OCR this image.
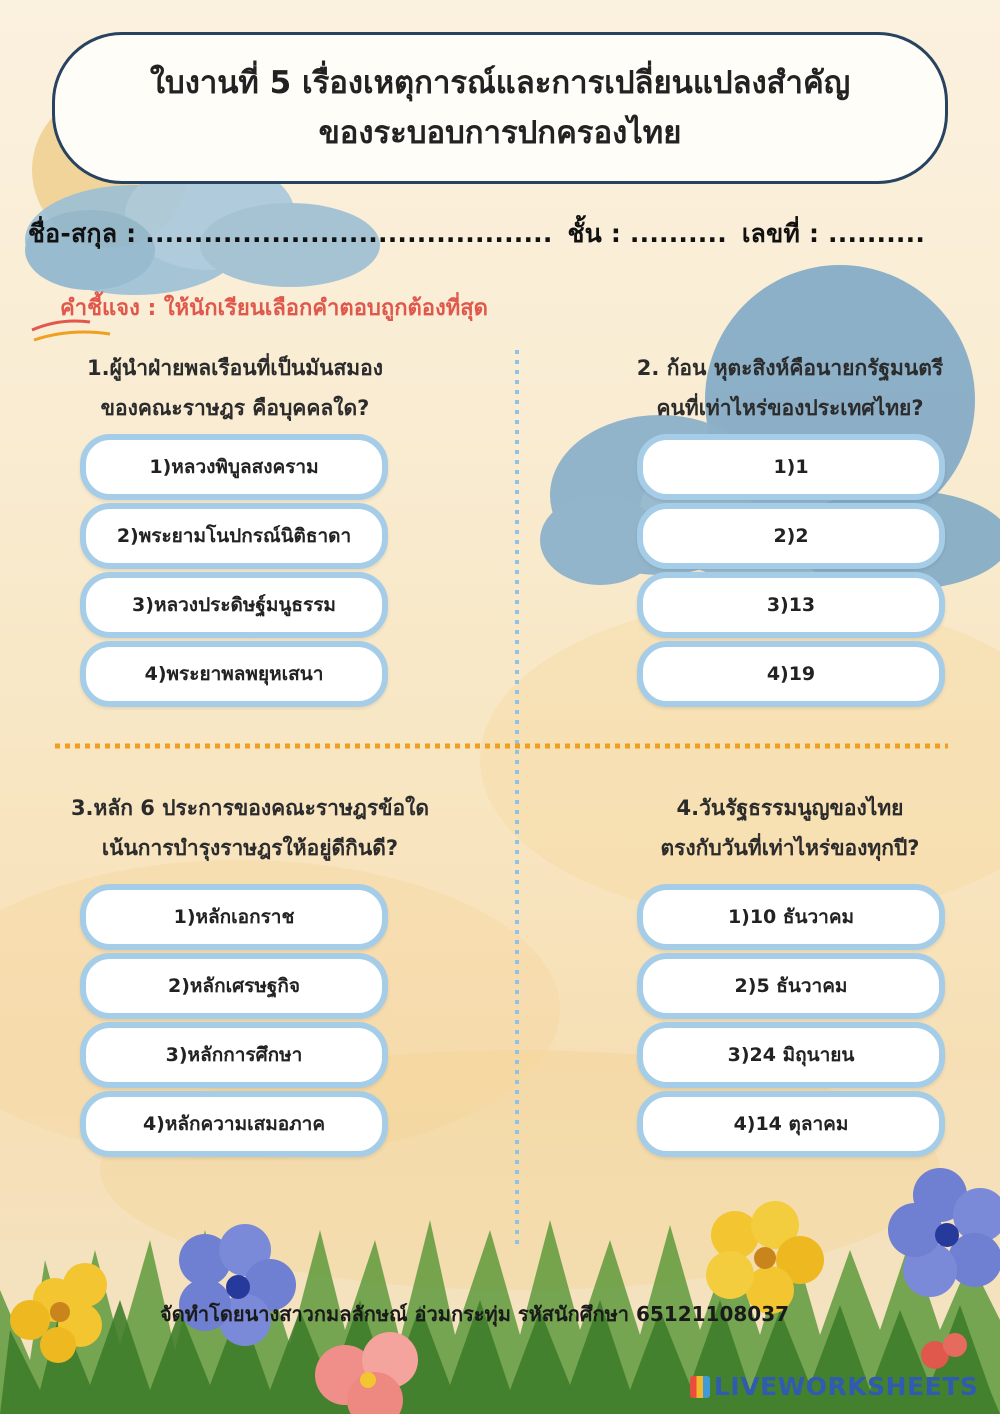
ใบงานที่ 5 เรื่องเหตุการณ์และการเปลี่ยนแปลงสำคัญ
ของระบอบการปกครองไทย
ชื่อ-สกุล : .......................................... ชั้น : .......... เลขที่ : ..........
คำชี้แจง : ให้นักเรียนเลือกคำตอบถูกต้องที่สุด
1.ผู้นำฝ่ายพลเรือนที่เป็นมันสมอง
ของคณะราษฎร คือบุคคลใด?
1)หลวงพิบูลสงคราม
2)พระยามโนปกรณ์นิติธาดา
3)หลวงประดิษฐ์มนูธรรม
4)พระยาพลพยุหเสนา
2. ก้อน หุตะสิงห์คือนายกรัฐมนตรี
คนที่เท่าไหร่ของประเทศไทย?
1)1
2)2
3)13
4)19
3.หลัก 6 ประการของคณะราษฎรข้อใด
เน้นการบำรุงราษฎรให้อยู่ดีกินดี?
1)หลักเอกราช
2)หลักเศรษฐกิจ
3)หลักการศึกษา
4)หลักความเสมอภาค
4.วันรัฐธรรมนูญของไทย
ตรงกับวันที่เท่าไหร่ของทุกปี?
1)10 ธันวาคม
2)5 ธันวาคม
3)24 มิถุนายน
4)14 ตุลาคม
จัดทำโดยนางสาวกมลลักษณ์ อ่วมกระทุ่ม รหัสนักศึกษา 65121108037
LIVEWORKSHEETS
